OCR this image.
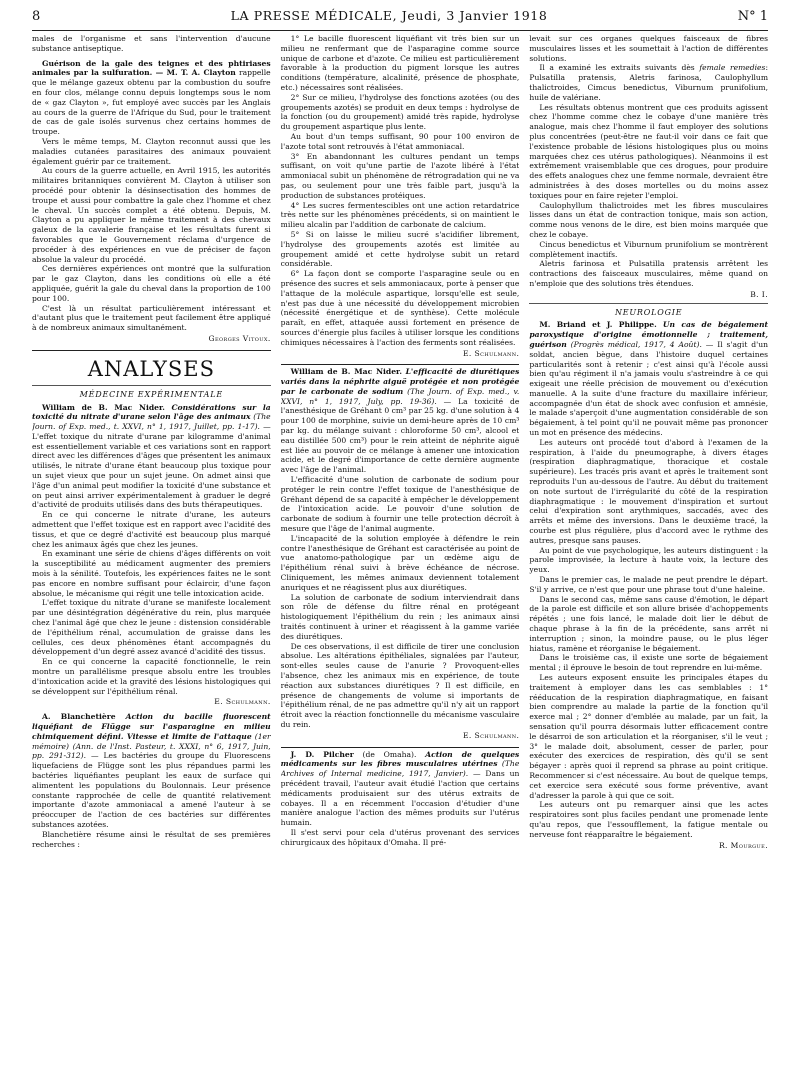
8	LA PRESSE MÉDICALE, Jeudi, 3 Janvier 1918	N° 1

males de l'organisme et sans l'intervention d'aucune substance antiseptique.

Guérison de la gale des teignes et des phtiriases animales par la sulfuration. — M. T. A. Clayton rappelle que le mélange gazeux obtenu par la combustion du soufre en four clos, mélange connu depuis longtemps sous le nom de « gaz Clayton », fut employé avec succès par les Anglais au cours de la guerre de l'Afrique du Sud, pour le traitement de cas de gale isolés survenus chez certains hommes de troupe.

Vers le même temps, M. Clayton reconnut aussi que les maladies cutanées parasitaires des animaux pouvaient également guérir par ce traitement.

Au cours de la guerre actuelle, en Avril 1915, les autorités militaires britanniques convièrent M. Clayton à utiliser son procédé pour obtenir la désinsectisation des hommes de troupe et aussi pour combattre la gale chez l'homme et chez le cheval. Un succès complet a été obtenu. Depuis, M. Clayton a pu appliquer le même traitement à des chevaux galeux de la cavalerie française et les résultats furent si favorables que le Gouvernement réclama d'urgence de procéder à des expériences en vue de préciser de façon absolue la valeur du procédé.

Ces dernières expériences ont montré que la sulfuration par le gaz Clayton, dans les conditions où elle a été appliquée, guérit la gale du cheval dans la proportion de 100 pour 100.

C'est là un résultat particulièrement intéressant et d'autant plus que le traitement peut facilement être appliqué à de nombreux animaux simultanément.

Georges Vitoux.
ANALYSES
MÉDECINE EXPÉRIMENTALE

William de B. Mac Nider. Considérations sur la toxicité du nitrate d'urane selon l'âge des animaux (The Journ. of Exp. med., t. XXVI, n° 1, 1917, Juillet, pp. 1-17). — L'effet toxique du nitrate d'urane par kilogramme d'animal est essentiellement variable et ces variations sont en rapport direct avec les différences d'âges que présentent les animaux utilisés, le nitrate d'urane étant beaucoup plus toxique pour un sujet vieux que pour un sujet jeune. On admet ainsi que l'âge d'un animal peut modifier la toxicité d'une substance et on peut ainsi arriver expérimentalement à graduer le degré d'activité de produits utilisés dans des buts thérapeutiques.

En ce qui concerne le nitrate d'urane, les auteurs admettent que l'effet toxique est en rapport avec l'acidité des tissus, et que ce degré d'activité est beaucoup plus marqué chez les animaux âgés que chez les jeunes.

En examinant une série de chiens d'âges différents on voit la susceptibilité au médicament augmenter des premiers mois à la sénilité. Toutefois, les expériences faites ne le sont pas encore en nombre suffisant pour éclaircir, d'une façon absolue, le mécanisme qui régit une telle intoxication acide.

L'effet toxique du nitrate d'urane se manifeste localement par une désintégration dégénérative du rein, plus marquée chez l'animal âgé que chez le jeune : distension considérable de l'épithélium rénal, accumulation de graisse dans les cellules, ces deux phénomènes étant accompagnés du développement d'un degré assez avancé d'acidité des tissus.

En ce qui concerne la capacité fonctionnelle, le rein montre un parallélisme presque absolu entre les troubles d'intoxication acide et la gravité des lésions histologiques qui se développent sur l'épithélium rénal.

E. Schulmann.

A. Blanchetière Action du bacille fluorescent liquéfiant de Flügge sur l'asparagine en milieu chimiquement défini. Vitesse et limite de l'attaque (1er mémoire) (Ann. de l'Inst. Pasteur, t. XXXI, n° 6, 1917, Juin, pp. 291-312). — Les bactéries du groupe du Fluorescens liquefaciens de Flügge sont les plus répandues parmi les bactéries liquéfiantes peuplant les eaux de surface qui alimentent les populations du Boulonnais. Leur présence constante rapprochée de celle de quantité relativement importante d'azote ammoniacal a amené l'auteur à se préoccuper de l'action de ces bactéries sur différentes substances azotées.

Blanchetière résume ainsi le résultat de ses premières recherches :

1° Le bacille fluorescent liquéfiant vit très bien sur un milieu ne renfermant que de l'asparagine comme source unique de carbone et d'azote. Ce milieu est particulièrement favorable à la production du pigment lorsque les autres conditions (température, alcalinité, présence de phosphate, etc.) nécessaires sont réalisées.

2° Sur ce milieu, l'hydrolyse des fonctions azotées (ou des groupements azotés) se produit en deux temps : hydrolyse de la fonction (ou du groupement) amidé très rapide, hydrolyse du groupement aspartique plus lente.

Au bout d'un temps suffisant, 90 pour 100 environ de l'azote total sont retrouvés à l'état ammoniacal.

3° En abandonnant les cultures pendant un temps suffisant, on voit qu'une partie de l'azote libéré à l'état ammoniacal subit un phénomène de rétrogradation qui ne va pas, ou seulement pour une très faible part, jusqu'à la production de substances protéiques.

4° Les sucres fermentescibles ont une action retardatrice très nette sur les phénomènes précédents, si on maintient le milieu alcalin par l'addition de carbonate de calcium.

5° Si on laisse le milieu sucré s'acidifier librement, l'hydrolyse des groupements azotés est limitée au groupement amidé et cette hydrolyse subit un retard considérable.

6° La façon dont se comporte l'asparagine seule ou en présence des sucres et sels ammoniacaux, porte à penser que l'attaque de la molécule aspartique, lorsqu'elle est seule, n'est pas due à une nécessité du développement microbien (nécessité énergétique et de synthèse). Cette molécule paraît, en effet, attaquée aussi fortement en présence de sources d'énergie plus faciles à utiliser lorsque les conditions chimiques nécessaires à l'action des ferments sont réalisées.

E. Schulmann.

William de B. Mac Nider. L'efficacité de diurétiques variés dans la néphrite aiguë protégée et non protégée par le carbonate de sodium (The Journ. of Exp. med., v. XXVI, n° 1, 1917, July, pp. 19-36). — La toxicité de l'anesthésique de Gréhant 0 cm³ par 25 kg. d'une solution à 4 pour 100 de morphine, suivie un demi-heure après de 10 cm³ par kg. du mélange suivant : chloroforme 50 cm³, alcool et eau distillée 500 cm³) pour le rein atteint de néphrite aiguë est liée au pouvoir de ce mélange à amener une intoxication acide, et le degré d'importance de cette dernière augmente avec l'âge de l'animal.

L'efficacité d'une solution de carbonate de sodium pour protéger le rein contre l'effet toxique de l'anesthésique de Gréhant dépend de sa capacité à empêcher le développement de l'intoxication acide. Le pouvoir d'une solution de carbonate de sodium à fournir une telle protection décroît à mesure que l'âge de l'animal augmente.

L'incapacité de la solution employée à défendre le rein contre l'anesthésique de Gréhant est caractérisée au point de vue anatomo-pathologique par un œdème aigu de l'épithélium rénal suivi à brève échéance de nécrose. Cliniquement, les mêmes animaux deviennent totalement anuriques et ne réagissent plus aux diurétiques.

La solution de carbonate de sodium interviendrait dans son rôle de défense du filtre rénal en protégeant histologiquement l'épithélium du rein ; les animaux ainsi traités continuent à uriner et réagissent à la gamme variée des diurétiques.

De ces observations, il est difficile de tirer une conclusion absolue. Les altérations épithéliales, signalées par l'auteur, sont-elles seules cause de l'anurie ? Provoquent-elles l'absence, chez les animaux mis en expérience, de toute réaction aux substances diurétiques ? Il est difficile, en présence de changements de volume si importants de l'épithélium rénal, de ne pas admettre qu'il n'y ait un rapport étroit avec la réaction fonctionnelle du mécanisme vasculaire du rein.

E. Schulmann.

J. D. Pilcher (de Omaha). Action de quelques médicaments sur les fibres musculaires utérines (The Archives of Internal medicine, 1917, Janvier). — Dans un précédent travail, l'auteur avait étudié l'action que certains médicaments produisaient sur des utérus extraits de cobayes. Il a en récemment l'occasion d'étudier d'une manière analogue l'action des mêmes produits sur l'utérus humain.

Il s'est servi pour cela d'utérus provenant des services chirurgicaux des hôpitaux d'Omaha. Il pré-

levait sur ces organes quelques faisceaux de fibres musculaires lisses et les soumettait à l'action de différentes solutions.

Il a examiné les extraits suivants dès female remedies: Pulsatilla pratensis, Aletris farinosa, Caulophyllum thalictroides, Cimcus benedictus, Viburnum prunifolium, huile de valériane.

Les résultats obtenus montrent que ces produits agissent chez l'homme comme chez le cobaye d'une manière très analogue, mais chez l'homme il faut employer des solutions plus concentrées (peut-être ne faut-il voir dans ce fait que l'existence probable de lésions histologiques plus ou moins marquées chez ces utérus pathologiques). Néanmoins il est extrêmement vraisemblable que ces drogues, pour produire des effets analogues chez une femme normale, devraient être administrées à des doses mortelles ou du moins assez toxiques pour en faire rejeter l'emploi.

Caulophyllum thalictroides met les fibres musculaires lisses dans un état de contraction tonique, mais son action, comme nous venons de le dire, est bien moins marquée que chez le cobaye.

Cincus benedictus et Viburnum prunifolium se montrèrent complètement inactifs.

Aletris farinosa et Pulsatilla pratensis arrêtent les contractions des faisceaux musculaires, même quand on n'emploie que des solutions très étendues.

B. I.
NEUROLOGIE

M. Briand et J. Philippe. Un cas de bégaiement paroxystique d'origine émotionnelle ; traitement, guérison (Progrès médical, 1917, 4 Août). — Il s'agit d'un soldat, ancien bègue, dans l'histoire duquel certaines particularités sont à retenir ; c'est ainsi qu'à l'école aussi bien qu'au régiment il n'a jamais voulu s'astreindre à ce qui exigeait une réelle précision de mouvement ou d'exécution manuelle. A la suite d'une fracture du maxillaire inférieur, accompagnée d'un état de shock avec confusion et amnésie, le malade s'aperçoit d'une augmentation considérable de son bégaiement, à tel point qu'il ne pouvait même pas prononcer un mot en présence des médecins.

Les auteurs ont procédé tout d'abord à l'examen de la respiration, à l'aide du pneumographe, à divers étages (respiration diaphragmatique, thoracique et costale supérieure). Les tracés pris avant et après le traitement sont reproduits l'un au-dessous de l'autre. Au début du traitement on note surtout de l'irrégularité du côté de la respiration diaphragmatique : le mouvement d'inspiration et surtout celui d'expiration sont arythmiques, saccadés, avec des arrêts et même des inversions. Dans le deuxième tracé, la courbe est plus régulière, plus d'accord avec le rythme des autres, presque sans pauses.

Au point de vue psychologique, les auteurs distinguent : la parole improvisée, la lecture à haute voix, la lecture des yeux.

Dans le premier cas, le malade ne peut prendre le départ. S'il y arrive, ce n'est que pour une phrase tout d'une haleine.

Dans le second cas, même sans cause d'émotion, le départ de la parole est difficile et son allure brisée d'achoppements répétés ; une fois lancé, le malade doit lier le début de chaque phrase à la fin de la précédente, sans arrêt ni interruption ; sinon, la moindre pause, ou le plus léger hiatus, ramène et réorganise le bégaiement.

Dans le troisième cas, il existe une sorte de bégaiement mental ; il éprouve le besoin de tout reprendre en lui-même.

Les auteurs exposent ensuite les principales étapes du traitement à employer dans les cas semblables : 1° rééducation de la respiration diaphragmatique, en faisant bien comprendre au malade la partie de la fonction qu'il exerce mal ; 2° donner d'emblée au malade, par un fait, la sensation qu'il pourra désormais lutter efficacement contre le désarroi de son articulation et la réorganiser, s'il le veut ; 3° le malade doit, absolument, cesser de parler, pour exécuter des exercices de respiration, dès qu'il se sent bégayer : après quoi il reprend sa phrase au point critique. Recommencer si c'est nécessaire. Au bout de quelque temps, cet exercice sera exécuté sous forme préventive, avant d'adresser la parole à qui que ce soit.

Les auteurs ont pu remarquer ainsi que les actes respiratoires sont plus faciles pendant une promenade lente qu'au repos, que l'essoufflement, la fatigue mentale ou nerveuse font réapparaître le bégaiement.

R. Mourgue.
